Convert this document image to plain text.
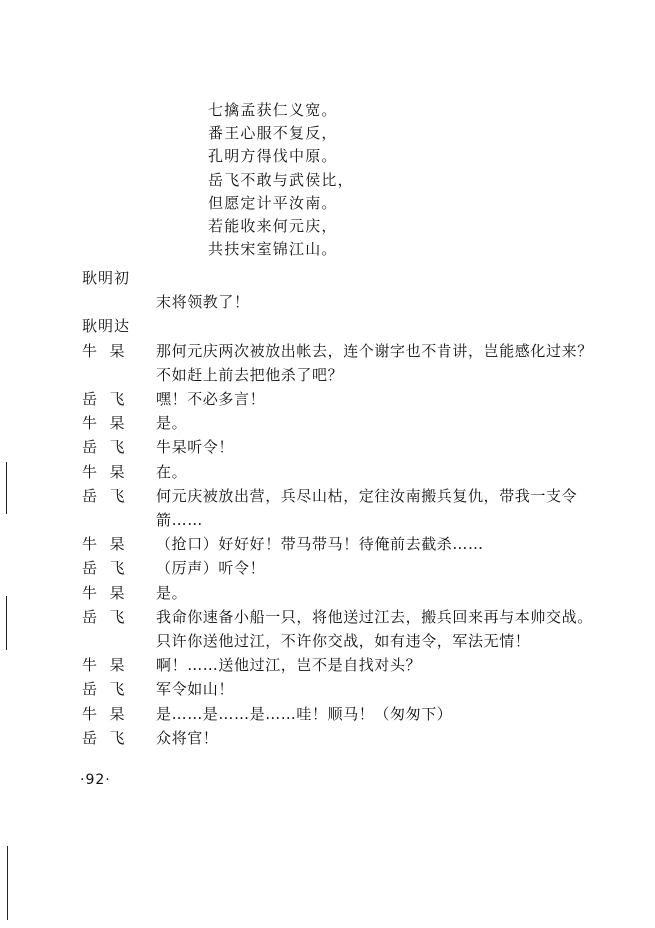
七擒孟获仁义宽。
番王心服不复反，
孔明方得伐中原。
岳飞不敢与武侯比，
但愿定计平汝南。
若能收来何元庆，
共扶宋室锦江山。
耿明初
末将领教了！
耿明达
牛  杲	那何元庆两次被放出帐去，连个谢字也不肯讲，岂能感化过来？不如赶上前去把他杀了吧？
岳  飞	嘿！不必多言！
牛  杲	是。
岳  飞	牛杲听令！
牛  杲	在。
岳  飞	何元庆被放出营，兵尽山枯，定往汝南搬兵复仇，带我一支令箭……
牛  杲	（抢口）好好好！带马带马！待俺前去截杀……
岳  飞	（厉声）听令！
牛  杲	是。
岳  飞	我命你速备小船一只，将他送过江去，搬兵回来再与本帅交战。只许你送他过江，不许你交战，如有违令，军法无情！
牛  杲	啊！……送他过江，岂不是自找对头？
岳  飞	军令如山！
牛  杲	是……是……是……哇！顺马！（匆匆下）
岳  飞	众将官！
·92·
